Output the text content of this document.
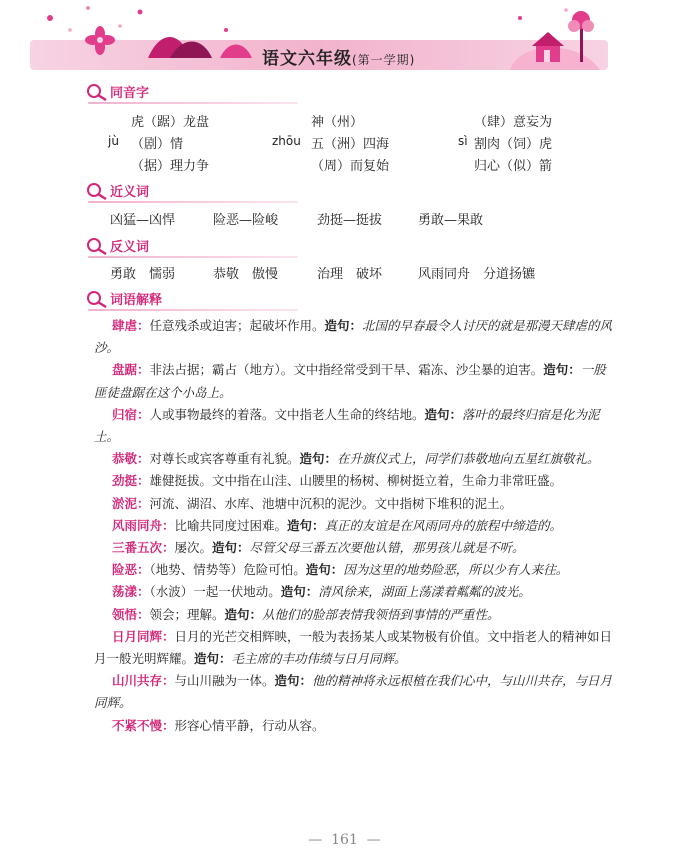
语文六年级(第一学期)
同音字
虎（踞）龙盘	神（州）	（肆）意妄为
jù （剧）情	zhōu 五（洲）四海	sì 割肉（饲）虎
（据）理力争	（周）而复始	归心（似）箭
近义词
凶猛—凶悍	险恶—险峻	劲挺—挺拔	勇敢—果敢
反义词
勇敢　懦弱	恭敬　傲慢	治理　破坏	风雨同舟　分道扬镳
词语解释

肆虐：任意残杀或迫害；起破坏作用。造句：北国的早春最令人讨厌的就是那漫天肆虐的风沙。

盘踞：非法占据；霸占（地方）。文中指经常受到干旱、霜冻、沙尘暴的迫害。造句：一股匪徒盘踞在这个小岛上。

归宿：人或事物最终的着落。文中指老人生命的终结地。造句：落叶的最终归宿是化为泥土。

恭敬：对尊长或宾客尊重有礼貌。造句：在升旗仪式上，同学们恭敬地向五星红旗敬礼。

劲挺：雄健挺拔。文中指在山洼、山腰里的杨树、柳树挺立着，生命力非常旺盛。

淤泥：河流、湖沼、水库、池塘中沉积的泥沙。文中指树下堆积的泥土。

风雨同舟：比喻共同度过困难。造句：真正的友谊是在风雨同舟的旅程中缔造的。

三番五次：屡次。造句：尽管父母三番五次要他认错，那男孩儿就是不听。

险恶：（地势、情势等）危险可怕。造句：因为这里的地势险恶，所以少有人来往。

荡漾：（水波）一起一伏地动。造句：清风徐来，湖面上荡漾着粼粼的波光。

领悟：领会；理解。造句：从他们的脸部表情我领悟到事情的严重性。

日月同辉：日月的光芒交相辉映，一般为表扬某人或某物极有价值。文中指老人的精神如日月一般光明辉耀。造句：毛主席的丰功伟绩与日月同辉。

山川共存：与山川融为一体。造句：他的精神将永远根植在我们心中，与山川共存，与日月同辉。

不紧不慢：形容心情平静，行动从容。

— 161 —
